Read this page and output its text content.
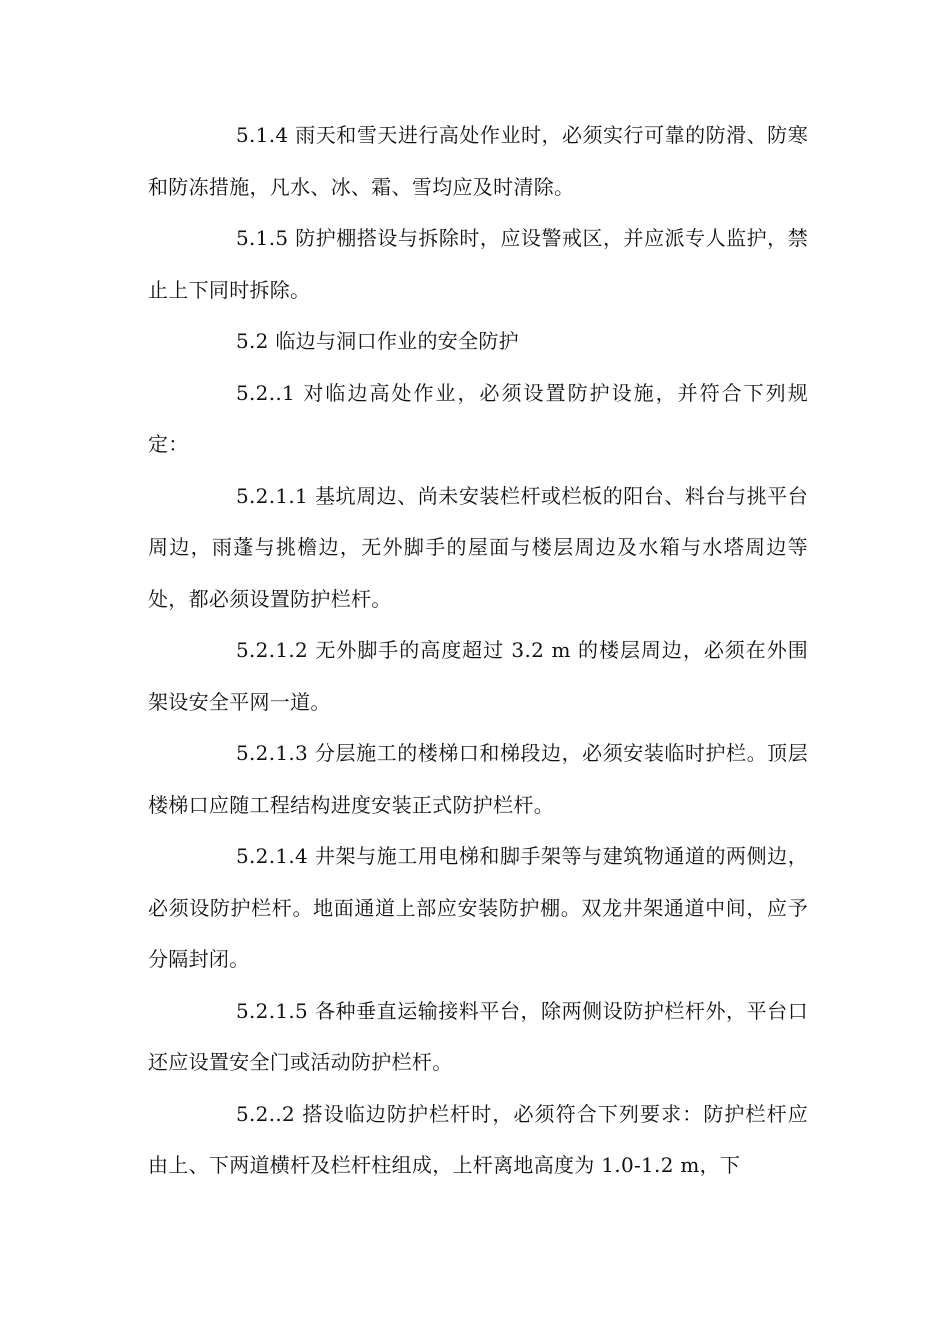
5.1.4 雨天和雪天进行高处作业时，必须实行可靠的防滑、防寒和防冻措施，凡水、冰、霜、雪均应及时清除。

5.1.5 防护棚搭设与拆除时，应设警戒区，并应派专人监护，禁止上下同时拆除。

5.2 临边与洞口作业的安全防护

5.2..1 对临边高处作业，必须设置防护设施，并符合下列规定：

5.2.1.1 基坑周边、尚未安装栏杆或栏板的阳台、料台与挑平台周边，雨蓬与挑檐边，无外脚手的屋面与楼层周边及水箱与水塔周边等处，都必须设置防护栏杆。

5.2.1.2 无外脚手的高度超过 3.2 m 的楼层周边，必须在外围架设安全平网一道。

5.2.1.3 分层施工的楼梯口和梯段边，必须安装临时护栏。顶层楼梯口应随工程结构进度安装正式防护栏杆。

5.2.1.4 井架与施工用电梯和脚手架等与建筑物通道的两侧边，必须设防护栏杆。地面通道上部应安装防护棚。双龙井架通道中间，应予分隔封闭。

5.2.1.5 各种垂直运输接料平台，除两侧设防护栏杆外，平台口还应设置安全门或活动防护栏杆。

5.2..2 搭设临边防护栏杆时，必须符合下列要求：防护栏杆应由上、下两道横杆及栏杆柱组成，上杆离地高度为 1.0-1.2 m，下
